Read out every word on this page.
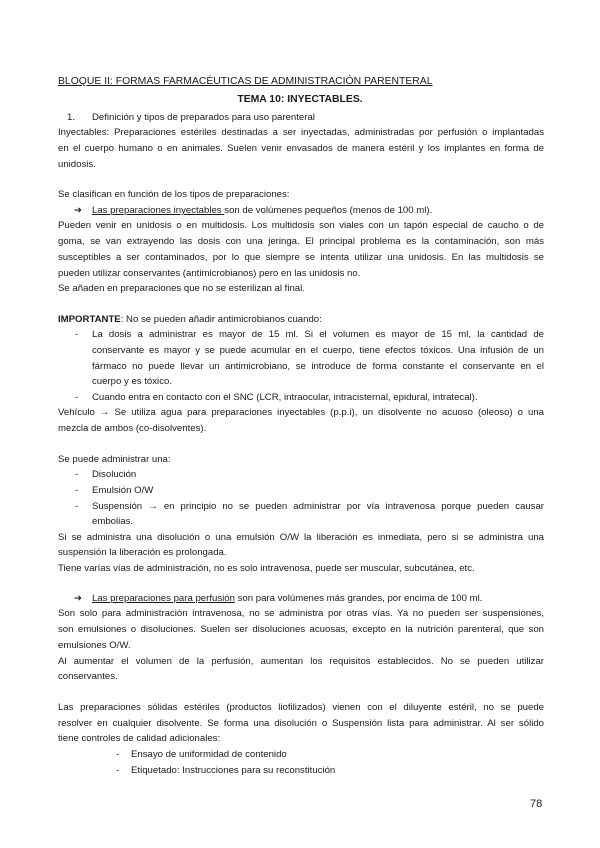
BLOQUE II: FORMAS FARMACÉUTICAS DE ADMINISTRACIÓN PARENTERAL
TEMA 10: INYECTABLES.
1. Definición y tipos de preparados para uso parenteral
Inyectables: Preparaciones estériles destinadas a ser inyectadas, administradas por perfusión o implantadas
en el cuerpo humano o en animales. Suelen venir envasados de manera estéril y los implantes en forma de
unidosis.
Se clasifican en función de los tipos de preparaciones:
➔ Las preparaciones inyectables son de volúmenes pequeños (menos de 100 ml).
Pueden venir en unidosis o en multidosis. Los multidosis son viales con un tapón especial de caucho o de
goma, se van extrayendo las dosis con una jeringa. El principal problema es la contaminación, son más
susceptibles a ser contaminados, por lo que siempre se intenta utilizar una unidosis. En las multidosis se
pueden utilizar conservantes (antimicrobianos) pero en las unidosis no.
Se añaden en preparaciones que no se esterilizan al final.
IMPORTANTE: No se pueden añadir antimicrobianos cuando:
- La dosis a administrar es mayor de 15 ml. Si el volumen es mayor de 15 ml, la cantidad de
conservante es mayor y se puede acumular en el cuerpo, tiene efectos tóxicos. Una infusión de un
fármaco no puede llevar un antimicrobiano, se introduce de forma constante el conservante en el
cuerpo y es tóxico.
- Cuando entra en contacto con el SNC (LCR, intraocular, intracisternal, epidural, intratecal).
Vehículo → Se utiliza agua para preparaciones inyectables (p.p.i), un disolvente no acuoso (oleoso) o una
mezcla de ambos (co-disolventes).
Se puede administrar una:
- Disolución
- Emulsión O/W
- Suspensión → en principio no se pueden administrar por vía intravenosa porque pueden causar
embolias.
Si se administra una disolución o una emulsión O/W la liberación es inmediata, pero si se administra una
suspensión la liberación es prolongada.
Tiene varías vías de administración, no es solo intravenosa, puede ser muscular, subcutánea, etc.
➔ Las preparaciones para perfusión son para volúmenes más grandes, por encima de 100 ml.
Son solo para administración intravenosa, no se administra por otras vías. Ya no pueden ser suspensiones,
son emulsiones o disoluciones. Suelen ser disoluciones acuosas, excepto en la nutrición parenteral, que son
emulsiones O/W.
Al aumentar el volumen de la perfusión, aumentan los requisitos establecidos. No se pueden utilizar
conservantes.
Las preparaciones sólidas estériles (productos liofilizados) vienen con el diluyente estéril, no se puede
resolver en cualquier disolvente. Se forma una disolución o Suspensión lista para administrar. Al ser sólido
tiene controles de calidad adicionales:
- Ensayo de uniformidad de contenido
- Etiquetado: Instrucciones para su reconstitución
78
